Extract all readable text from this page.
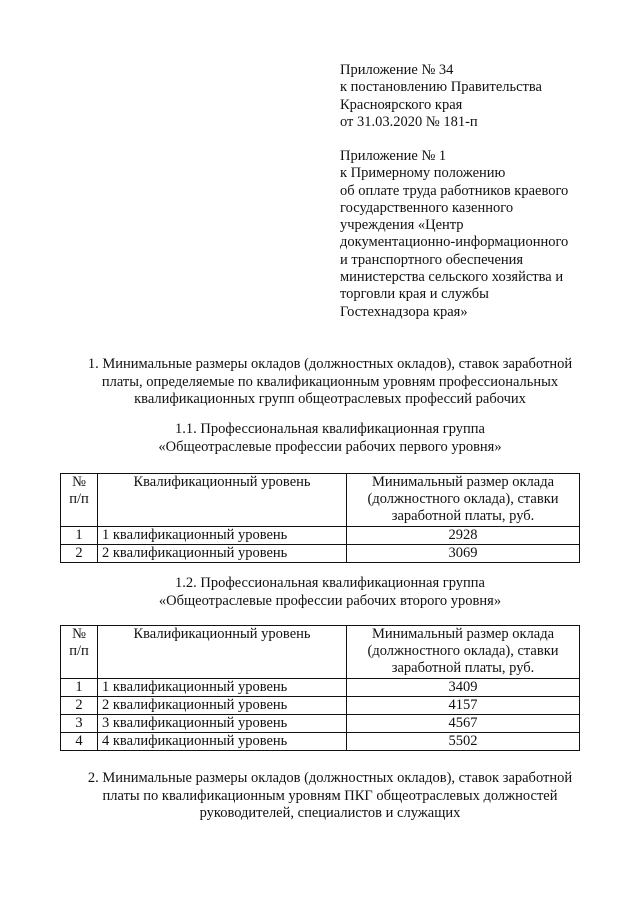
Приложение № 34
к постановлению Правительства
Красноярского края
от 31.03.2020 № 181-п
Приложение № 1
к Примерному положению
об оплате труда работников краевого
государственного казенного
учреждения «Центр
документационно-информационного
и транспортного обеспечения
министерства сельского хозяйства и
торговли края и службы
Гостехнадзора края»
1. Минимальные размеры окладов (должностных окладов), ставок заработной
платы, определяемые по квалификационным уровням профессиональных
квалификационных групп общеотраслевых профессий рабочих
1.1. Профессиональная квалификационная группа
«Общеотраслевые профессии рабочих первого уровня»
№ п/п	Квалификационный уровень	Минимальный размер оклада (должностного оклада), ставки заработной платы, руб.
1	1 квалификационный уровень	2928
2	2 квалификационный уровень	3069
1.2. Профессиональная квалификационная группа
«Общеотраслевые профессии рабочих второго уровня»
№ п/п	Квалификационный уровень	Минимальный размер оклада (должностного оклада), ставки заработной платы, руб.
1	1 квалификационный уровень	3409
2	2 квалификационный уровень	4157
3	3 квалификационный уровень	4567
4	4 квалификационный уровень	5502
2. Минимальные размеры окладов (должностных окладов), ставок заработной
платы по квалификационным уровням ПКГ общеотраслевых должностей
руководителей, специалистов и служащих
